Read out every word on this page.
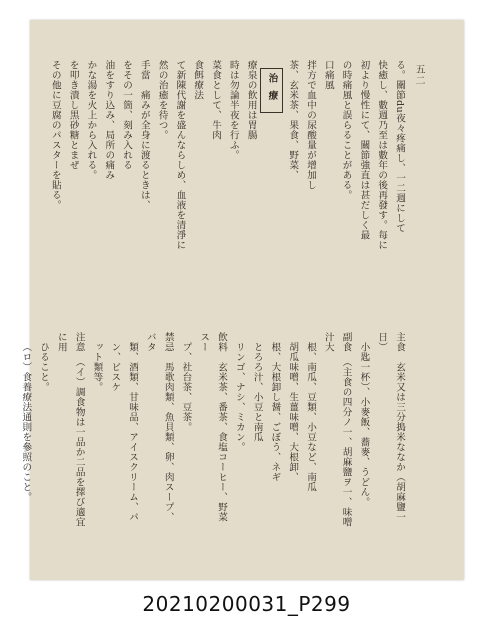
五二
る。關節du夜々疼痛し、一二週にして
快癒し、數週乃至は數年の後再發す。每に
初より慢性にて、關節強直は甚だしく最
の時痛風と誤らることがある。
口痛風
拌方で血中の尿酸量が增加し
茶、玄米茶、果食、野菜、
治療
療泉の飲用は胃腸
時は勿論半夜を行ふ。
菜食として、牛肉
食餌療法
て新陳代謝を盛んならしめ、血液を清淨に
然の治癒を待つ。
手當　痛みが全身に渡るときは、
をその一箇、刻み入れる
油をすり込み、局所の痛み
かな湯を火上から入れる。
を叩き潰し黒砂糖とまぜ
その他に豆腐のパスターを貼る。
主食　玄米又は三分搗米ななか（胡麻鹽一日）
小匙一杯）、小麥飯、蕎麥、うどん。
副食　（主食の四分ノ一、胡麻鹽ヲ一、味噌汁大
根、南瓜、豆類、小豆など、南瓜
胡瓜味噌、生薑味噌、大根卸、
根、大根卸し醤、ごぼう、ネギ
とろろ汁、小豆と南瓜
リンゴ、ナシ、ミカン。
飲料　玄米茶、番茶、食塩コーヒー、野菜スー
プ、社台茶、豆茶。
禁忌　馬歌肉類、魚貝類、卵、肉スープ、バタ
類、酒類、甘味品、アイスクリーム、パン、ビスケ
ット類等。
注意　（イ）調食物は一品か二品を擇び適宜に用
ひること。
（ロ）食養療法通則を參照のこと。
20210200031_P299
